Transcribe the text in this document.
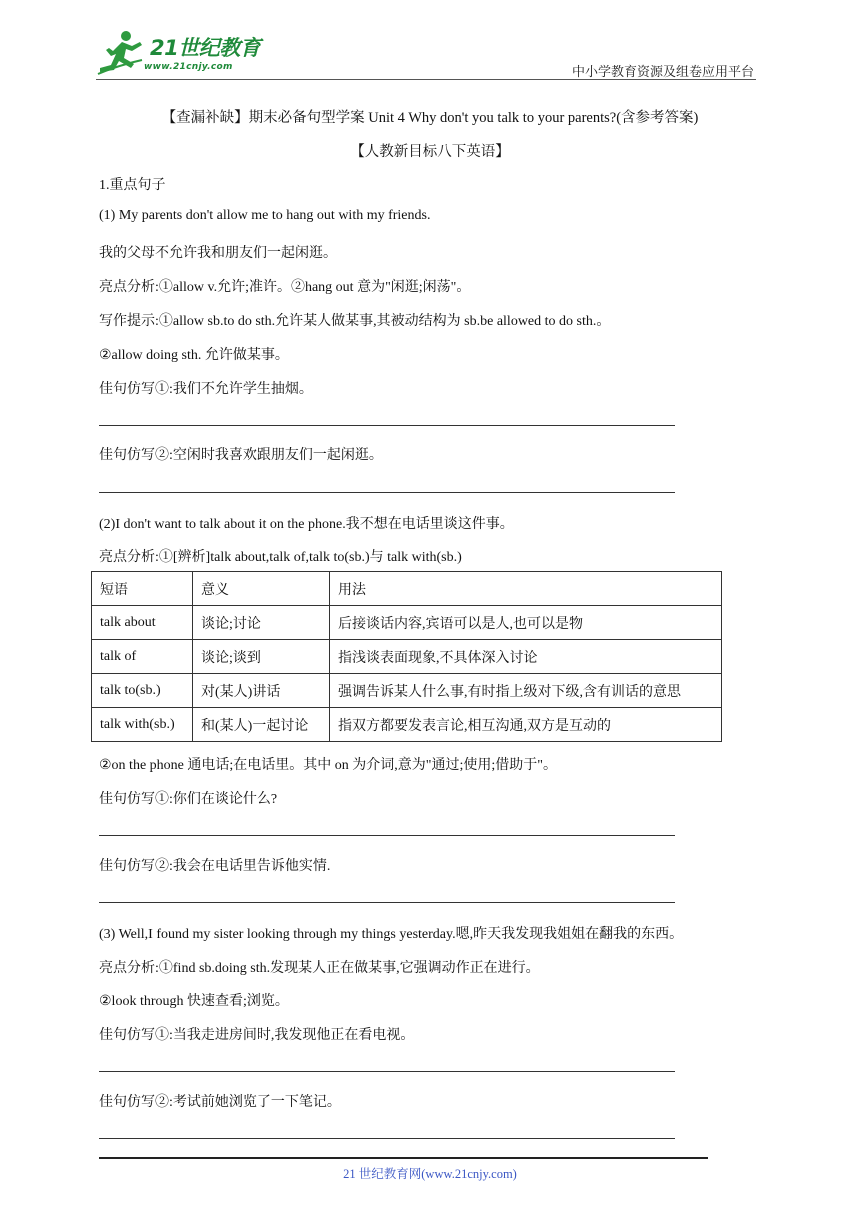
21世纪教育
www.21cnjy.com	中小学教育资源及组卷应用平台
【查漏补缺】期末必备句型学案 Unit 4 Why don't you talk to your parents?(含参考答案)
【人教新目标八下英语】
1.重点句子
(1) My parents don't allow me to hang out with my friends.
我的父母不允许我和朋友们一起闲逛。
亮点分析:①allow v.允许;准许。②hang out 意为"闲逛;闲荡"。
写作提示:①allow sb.to do sth.允许某人做某事,其被动结构为 sb.be allowed to do sth.。
②allow doing sth. 允许做某事。
佳句仿写①:我们不允许学生抽烟。
佳句仿写②:空闲时我喜欢跟朋友们一起闲逛。
(2)I don't want to talk about it on the phone.我不想在电话里谈这件事。
亮点分析:①[辨析]talk about,talk of,talk to(sb.)与 talk with(sb.)
短语	意义	用法
talk about	谈论;讨论	后接谈话内容,宾语可以是人,也可以是物
talk of	谈论;谈到	指浅谈表面现象,不具体深入讨论
talk to(sb.)	对(某人)讲话	强调告诉某人什么事,有时指上级对下级,含有训话的意思
talk with(sb.)	和(某人)一起讨论	指双方都要发表言论,相互沟通,双方是互动的
②on the phone 通电话;在电话里。其中 on 为介词,意为"通过;使用;借助于"。
佳句仿写①:你们在谈论什么?
佳句仿写②:我会在电话里告诉他实情.
(3) Well,I found my sister looking through my things yesterday.嗯,昨天我发现我姐姐在翻我的东西。
亮点分析:①find sb.doing sth.发现某人正在做某事,它强调动作正在进行。
②look through 快速查看;浏览。
佳句仿写①:当我走进房间时,我发现他正在看电视。
佳句仿写②:考试前她浏览了一下笔记。
21 世纪教育网(www.21cnjy.com)
